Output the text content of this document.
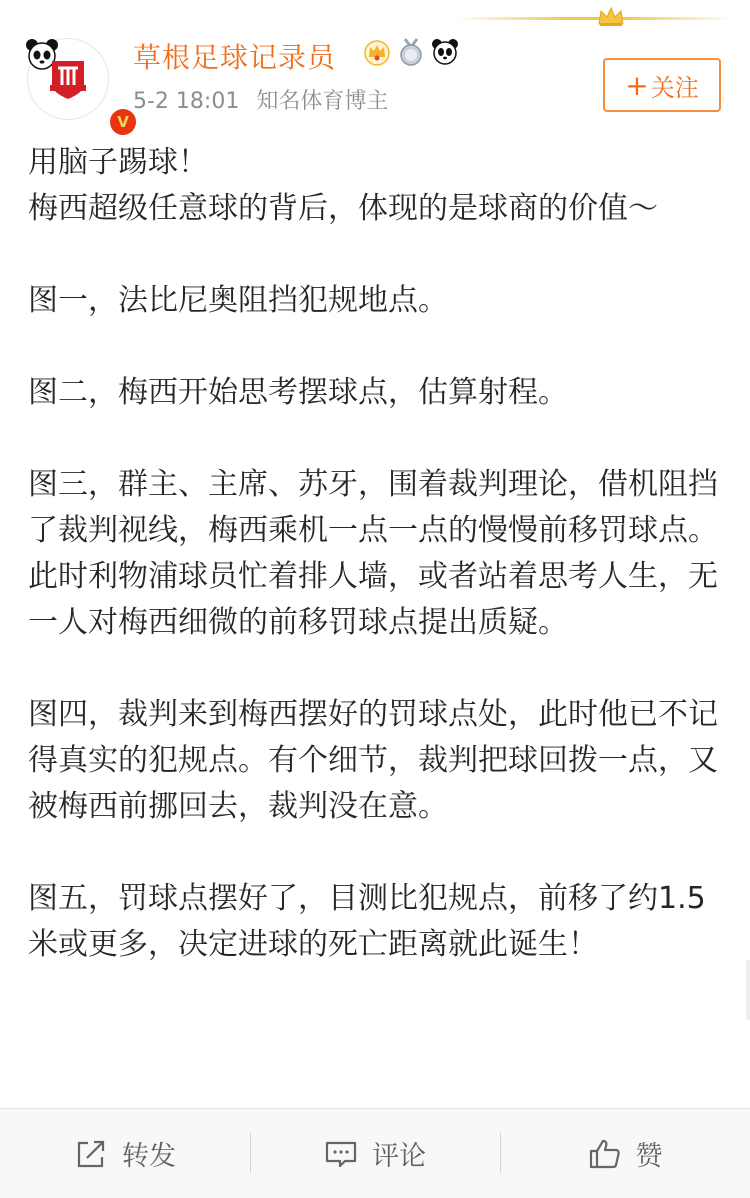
V
草根足球记录员
5-2 18:01 知名体育博主	+ 关注

用脑子踢球！
梅西超级任意球的背后，体现的是球商的价值～

图一，法比尼奥阻挡犯规地点。

图二，梅西开始思考摆球点，估算射程。

图三，群主、主席、苏牙，围着裁判理论，借机阻挡了裁判视线，梅西乘机一点一点的慢慢前移罚球点。此时利物浦球员忙着排人墙，或者站着思考人生，无一人对梅西细微的前移罚球点提出质疑。

图四，裁判来到梅西摆好的罚球点处，此时他已不记得真实的犯规点。有个细节，裁判把球回拨一点，又被梅西前挪回去，裁判没在意。

图五，罚球点摆好了，目测比犯规点，前移了约1.5米或更多，决定进球的死亡距离就此诞生！

转发	评论	赞
